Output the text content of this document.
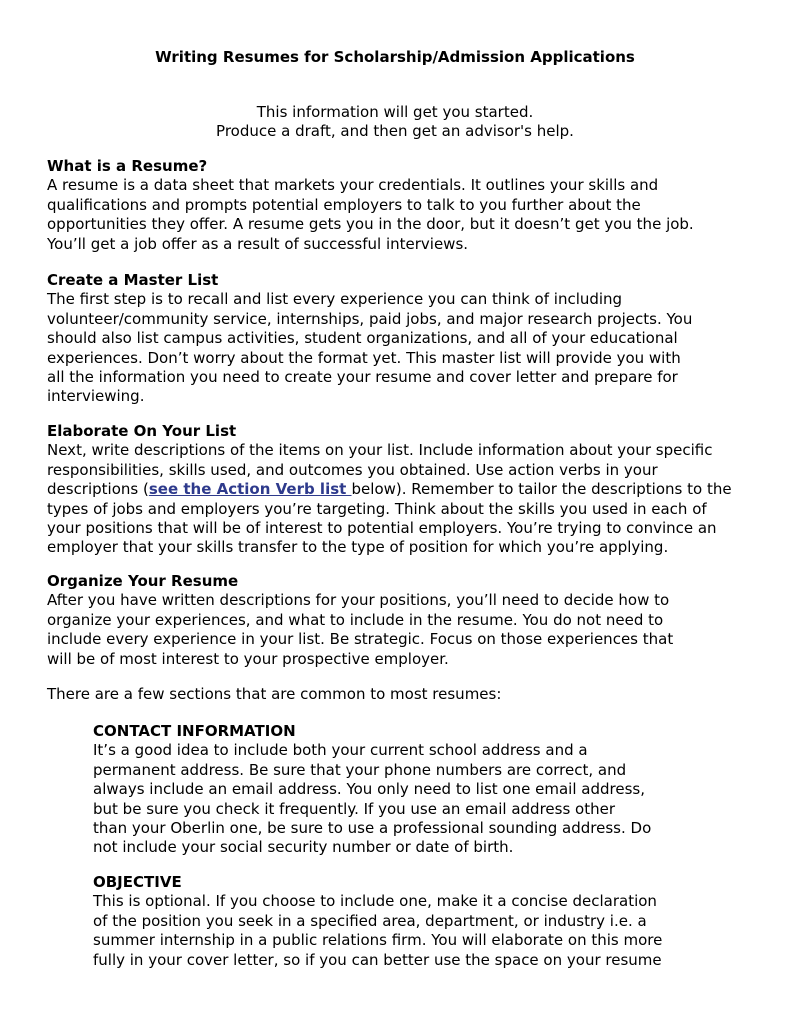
Writing Resumes for Scholarship/Admission Applications
This information will get you started.
Produce a draft, and then get an advisor's help.
What is a Resume?
A resume is a data sheet that markets your credentials. It outlines your skills and
qualifications and prompts potential employers to talk to you further about the
opportunities they offer. A resume gets you in the door, but it doesn’t get you the job.
You’ll get a job offer as a result of successful interviews.
Create a Master List
The first step is to recall and list every experience you can think of including
volunteer/community service, internships, paid jobs, and major research projects. You
should also list campus activities, student organizations, and all of your educational
experiences. Don’t worry about the format yet. This master list will provide you with
all the information you need to create your resume and cover letter and prepare for
interviewing.
Elaborate On Your List
Next, write descriptions of the items on your list. Include information about your specific
responsibilities, skills used, and outcomes you obtained. Use action verbs in your
descriptions (see the Action Verb list below). Remember to tailor the descriptions to the
types of jobs and employers you’re targeting. Think about the skills you used in each of
your positions that will be of interest to potential employers. You’re trying to convince an
employer that your skills transfer to the type of position for which you’re applying.
Organize Your Resume
After you have written descriptions for your positions, you’ll need to decide how to
organize your experiences, and what to include in the resume. You do not need to
include every experience in your list. Be strategic. Focus on those experiences that
will be of most interest to your prospective employer.
There are a few sections that are common to most resumes:
CONTACT INFORMATION
It’s a good idea to include both your current school address and a
permanent address. Be sure that your phone numbers are correct, and
always include an email address. You only need to list one email address,
but be sure you check it frequently. If you use an email address other
than your Oberlin one, be sure to use a professional sounding address. Do
not include your social security number or date of birth.
OBJECTIVE
This is optional. If you choose to include one, make it a concise declaration
of the position you seek in a specified area, department, or industry i.e. a
summer internship in a public relations firm. You will elaborate on this more
fully in your cover letter, so if you can better use the space on your resume
